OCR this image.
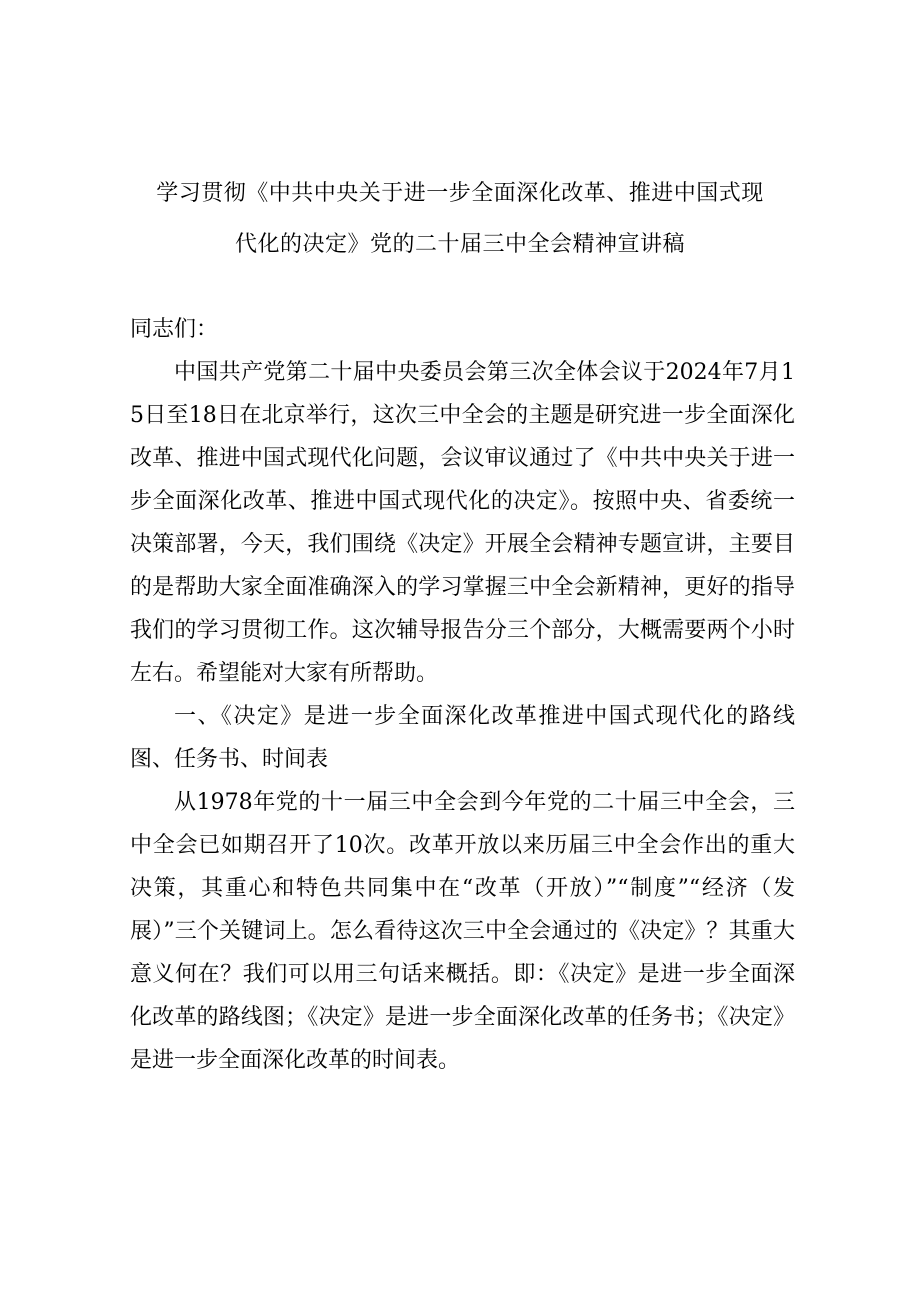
学习贯彻《中共中央关于进一步全面深化改革、推进中国式现
代化的决定》党的二十届三中全会精神宣讲稿

同志们：

中国共产党第二十届中央委员会第三次全体会议于2024年7月15日至18日在北京举行，这次三中全会的主题是研究进一步全面深化改革、推进中国式现代化问题，会议审议通过了《中共中央关于进一步全面深化改革、推进中国式现代化的决定》。按照中央、省委统一决策部署，今天，我们围绕《决定》开展全会精神专题宣讲，主要目的是帮助大家全面准确深入的学习掌握三中全会新精神，更好的指导我们的学习贯彻工作。这次辅导报告分三个部分，大概需要两个小时左右。希望能对大家有所帮助。

一、《决定》是进一步全面深化改革推进中国式现代化的路线图、任务书、时间表

从1978年党的十一届三中全会到今年党的二十届三中全会，三中全会已如期召开了10次。改革开放以来历届三中全会作出的重大决策，其重心和特色共同集中在“改革（开放）”“制度”“经济（发展）”三个关键词上。怎么看待这次三中全会通过的《决定》？其重大意义何在？我们可以用三句话来概括。即：《决定》是进一步全面深化改革的路线图；《决定》是进一步全面深化改革的任务书；《决定》是进一步全面深化改革的时间表。
